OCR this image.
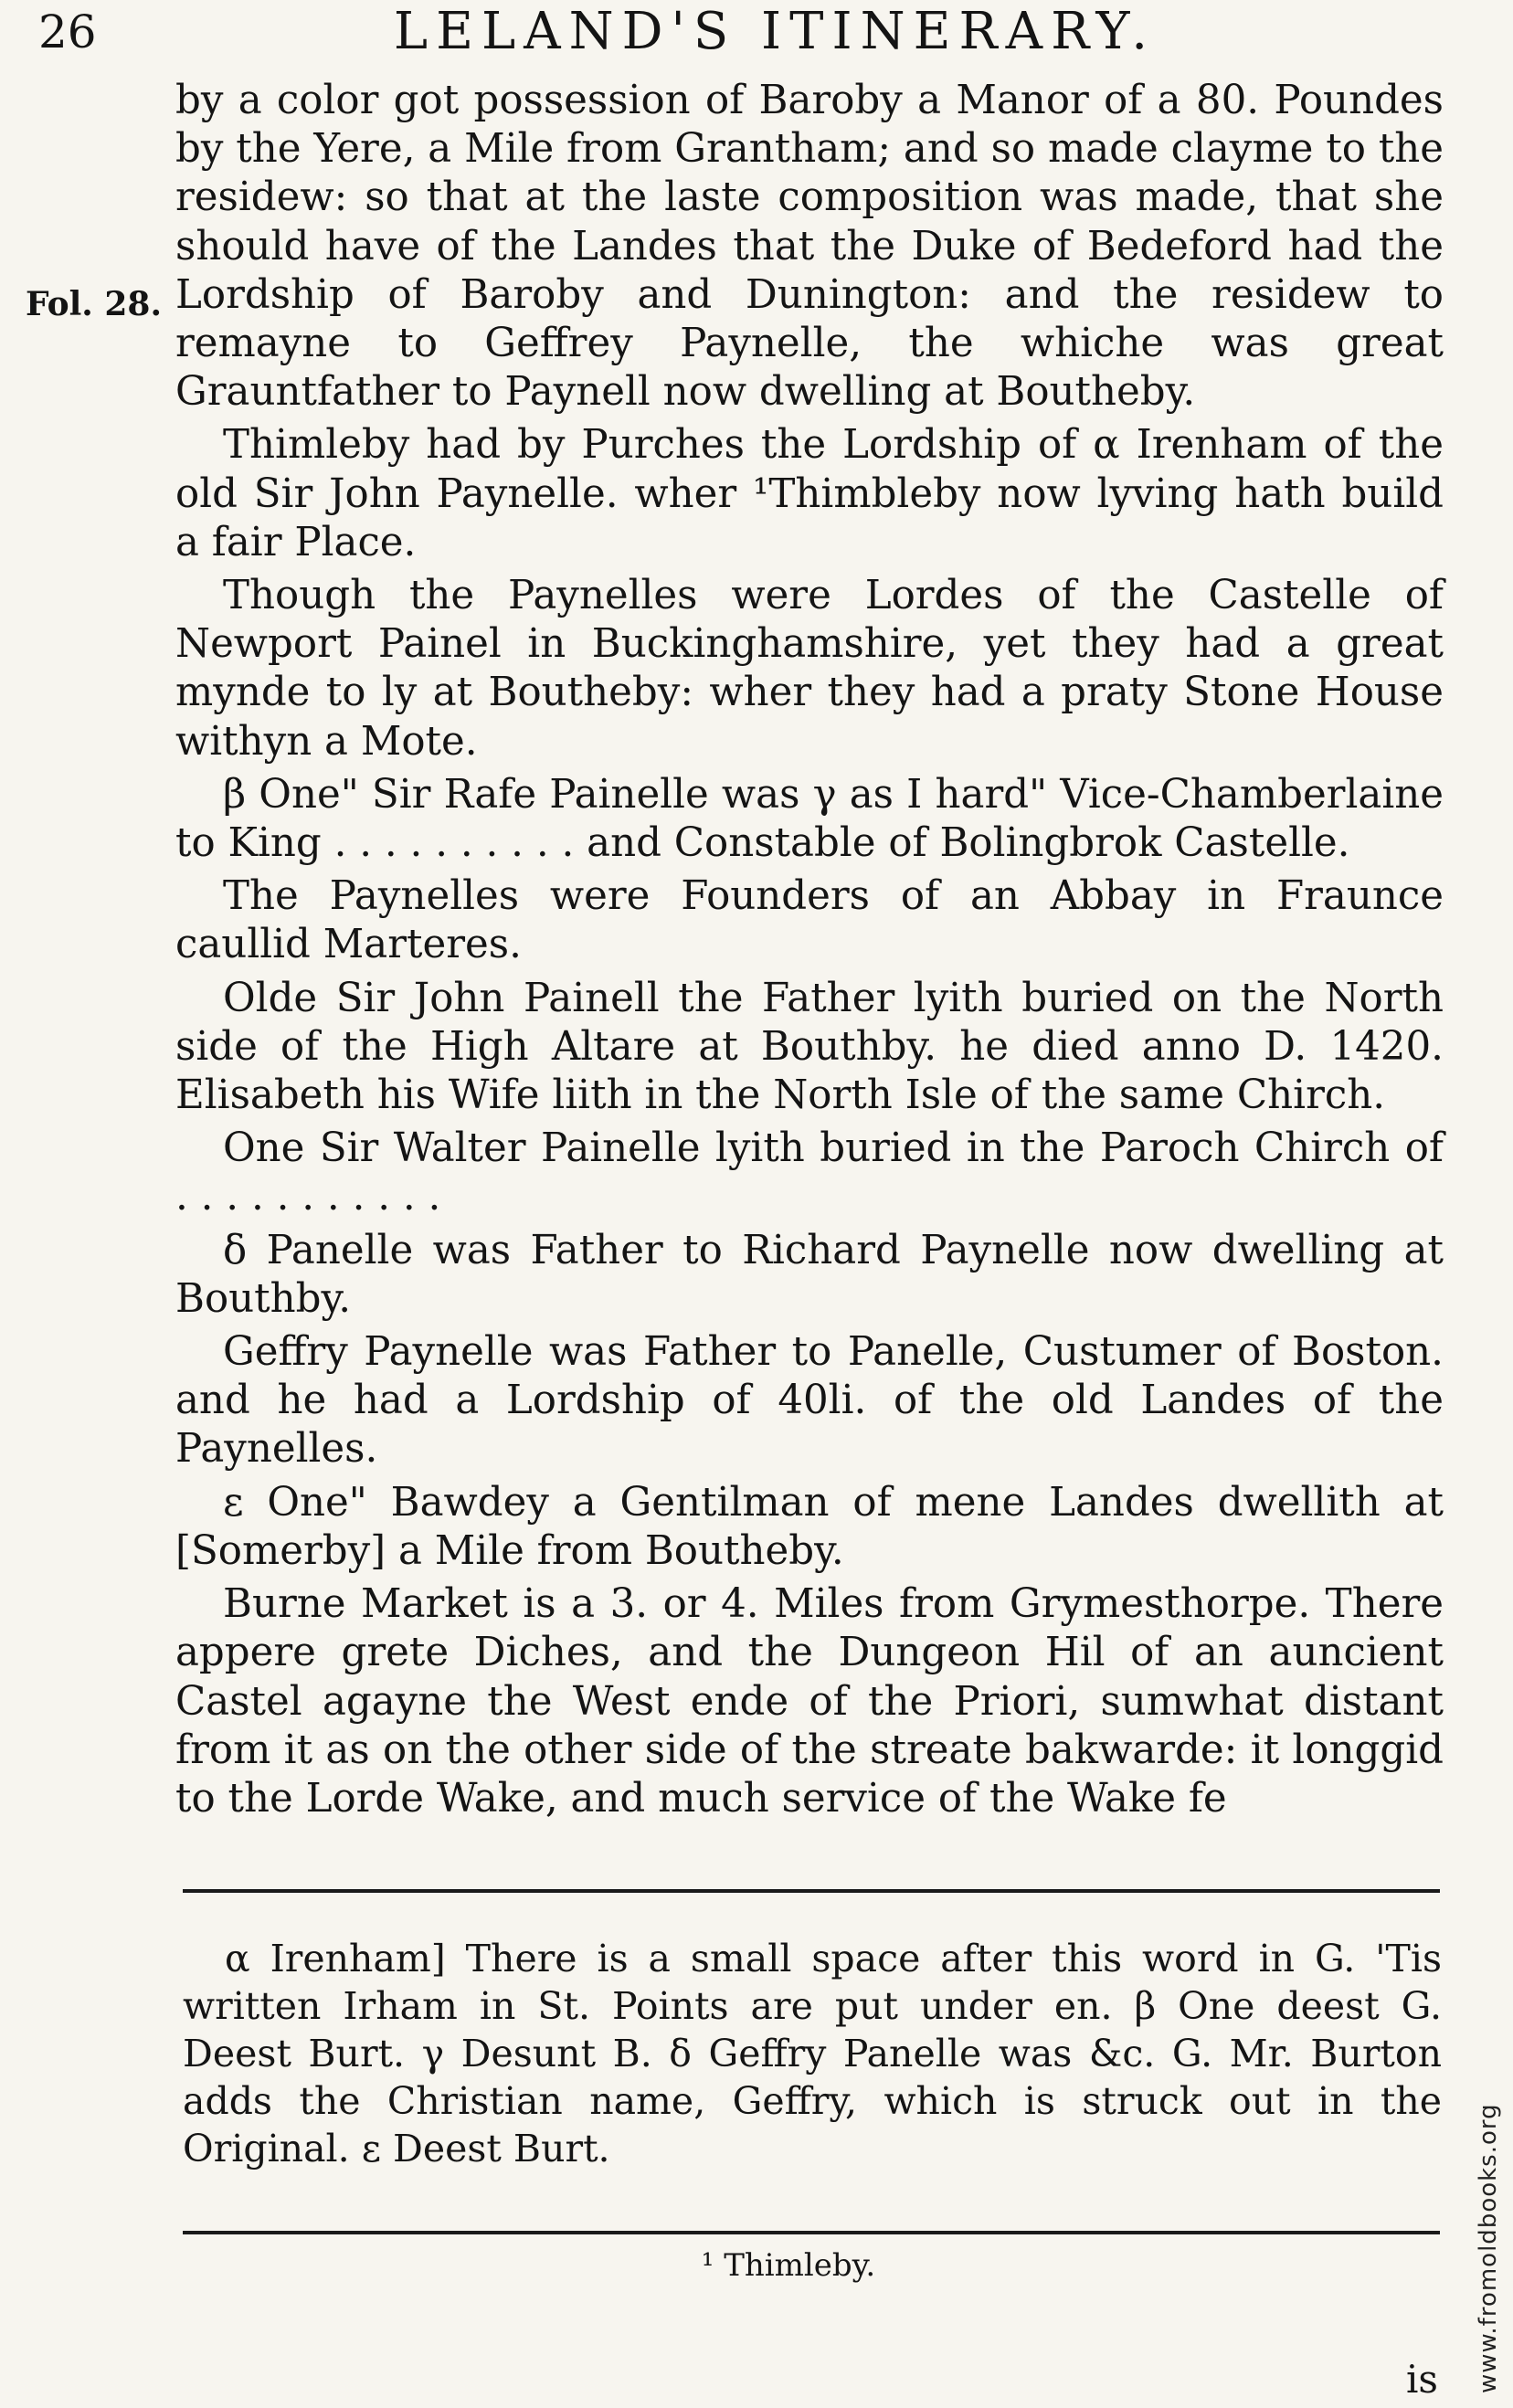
26	LELAND'S ITINERARY.
Fol. 28.

by a color got possession of Baroby a Manor of a 80. Poundes by the Yere, a Mile from Grantham; and so made clayme to the residew: so that at the laste composition was made, that she should have of the Landes that the Duke of Bedeford had the Lordship of Baroby and Dunington: and the residew to remayne to Geffrey Paynelle, the whiche was great Grauntfather to Paynell now dwelling at Boutheby.

Thimleby had by Purches the Lordship of α Irenham of the old Sir John Paynelle. wher ¹Thimbleby now lyving hath build a fair Place.

Though the Paynelles were Lordes of the Castelle of Newport Painel in Buckinghamshire, yet they had a great mynde to ly at Boutheby: wher they had a praty Stone House withyn a Mote.

β One" Sir Rafe Painelle was γ as I hard" Vice-Chamberlaine to King . . . . . . . . . . and Constable of Bolingbrok Castelle.

The Paynelles were Founders of an Abbay in Fraunce caullid Marteres.

Olde Sir John Painell the Father lyith buried on the North side of the High Altare at Bouthby. he died anno D. 1420. Elisabeth his Wife liith in the North Isle of the same Chirch.

One Sir Walter Painelle lyith buried in the Paroch Chirch of . . . . . . . . . . .

δ Panelle was Father to Richard Paynelle now dwelling at Bouthby.

Geffry Paynelle was Father to Panelle, Custumer of Boston. and he had a Lordship of 40li. of the old Landes of the Paynelles.

ε One" Bawdey a Gentilman of mene Landes dwellith at [Somerby] a Mile from Boutheby.

Burne Market is a 3. or 4. Miles from Grymesthorpe. There appere grete Diches, and the Dungeon Hil of an auncient Castel agayne the West ende of the Priori, sumwhat distant from it as on the other side of the streate bakwarde: it longgid to the Lorde Wake, and much service of the Wake fe

α Irenham] There is a small space after this word in G. 'Tis written Irham in St. Points are put under en. β One deest G. Deest Burt. γ Desunt B. δ Geffry Panelle was &c. G. Mr. Burton adds the Christian name, Geffry, which is struck out in the Original. ε Deest Burt.

¹ Thimleby.
is www.fromoldbooks.org
